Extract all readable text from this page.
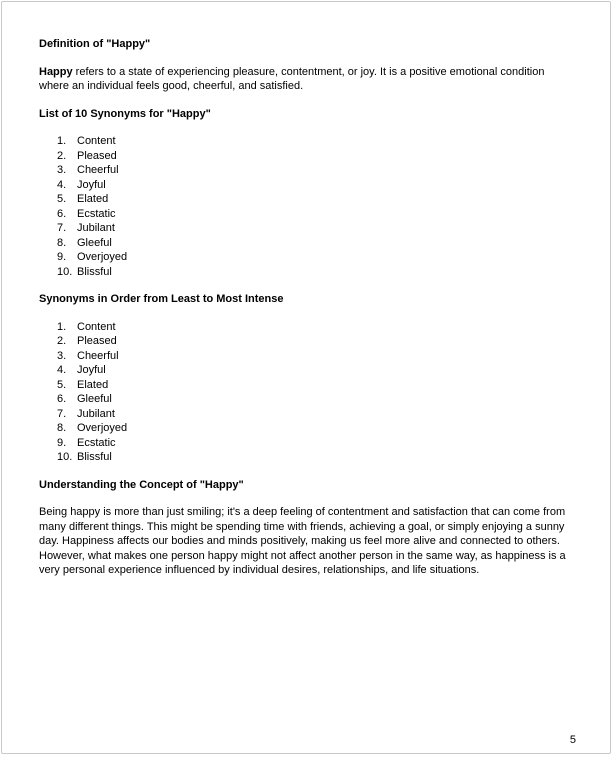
Definition of "Happy"

Happy refers to a state of experiencing pleasure, contentment, or joy. It is a positive emotional condition where an individual feels good, cheerful, and satisfied.

List of 10 Synonyms for "Happy"
Content
Pleased
Cheerful
Joyful
Elated
Ecstatic
Jubilant
Gleeful
Overjoyed
Blissful
Synonyms in Order from Least to Most Intense
Content
Pleased
Cheerful
Joyful
Elated
Gleeful
Jubilant
Overjoyed
Ecstatic
Blissful
Understanding the Concept of "Happy"

Being happy is more than just smiling; it's a deep feeling of contentment and satisfaction that can come from many different things. This might be spending time with friends, achieving a goal, or simply enjoying a sunny day. Happiness affects our bodies and minds positively, making us feel more alive and connected to others. However, what makes one person happy might not affect another person in the same way, as happiness is a very personal experience influenced by individual desires, relationships, and life situations.

5
